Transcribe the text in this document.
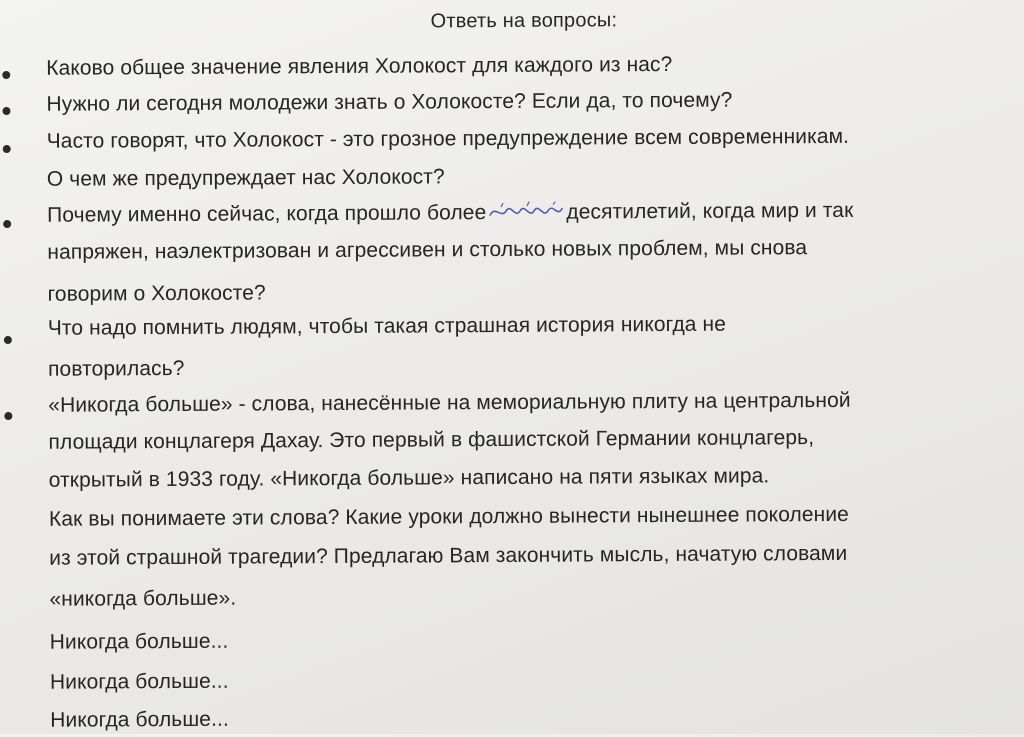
Ответь на вопросы:
Каково общее значение явления Холокост для каждого из нас?
Нужно ли сегодня молодежи знать о Холокосте? Если да, то почему?
Часто говорят, что Холокост - это грозное предупреждение всем современникам.
О чем же предупреждает нас Холокост?
Почему именно сейчас, когда прошло более	десятилетий, когда мир и так
напряжен, наэлектризован и агрессивен и столько новых проблем, мы снова
говорим о Холокосте?
Что надо помнить людям, чтобы такая страшная история никогда не
повторилась?
«Никогда больше» - слова, нанесённые на мемориальную плиту на центральной
площади концлагеря Дахау. Это первый в фашистской Германии концлагерь,
открытый в 1933 году. «Никогда больше» написано на пяти языках мира.
Как вы понимаете эти слова? Какие уроки должно вынести нынешнее поколение
из этой страшной трагедии? Предлагаю Вам закончить мысль, начатую словами
«никогда больше».
Никогда больше...
Никогда больше...
Никогда больше...
